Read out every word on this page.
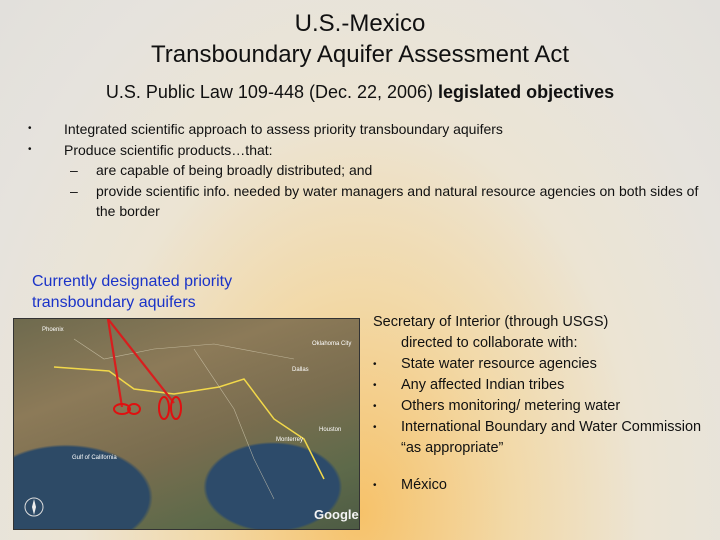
U.S.-Mexico
Transboundary Aquifer Assessment Act
U.S. Public Law 109-448 (Dec. 22, 2006) legislated objectives
•	Integrated scientific approach to assess priority transboundary aquifers
•	Produce scientific products…that:
–	are capable of being broadly distributed; and
–	provide scientific info. needed by water managers and natural resource agencies on both sides of the border
Currently designated priority
transboundary aquifers
Phoenix
Oklahoma City
Dallas
Houston
Monterrey
Gulf of California
Google
Secretary of Interior (through USGS)
directed to collaborate with:
•	State water resource agencies
•	Any affected Indian tribes
•	Others monitoring/ metering water
•	International Boundary and Water Commission “as appropriate”
•	México
